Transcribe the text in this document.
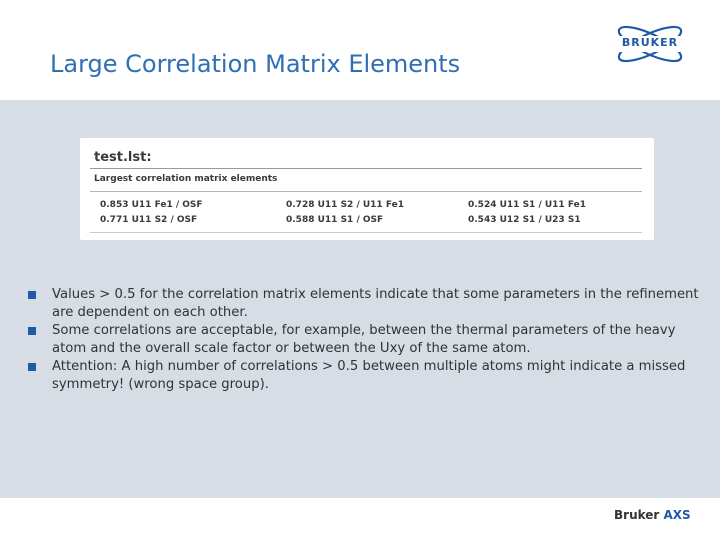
Large Correlation Matrix Elements
BRUKER
test.lst:
Largest correlation matrix elements
0.853 U11 Fe1 / OSF	0.728 U11 S2 / U11 Fe1	0.524 U11 S1 / U11 Fe1
0.771 U11 S2 / OSF	0.588 U11 S1 / OSF	0.543 U12 S1 / U23 S1

Values > 0.5 for the correlation matrix elements indicate that some parameters in the refinement are dependent on each other.

Some correlations are acceptable, for example, between the thermal parameters of the heavy atom and the overall scale factor or between the Uxy of the same atom.

Attention: A high number of correlations > 0.5 between multiple atoms might indicate a missed symmetry! (wrong space group).

Bruker AXS
